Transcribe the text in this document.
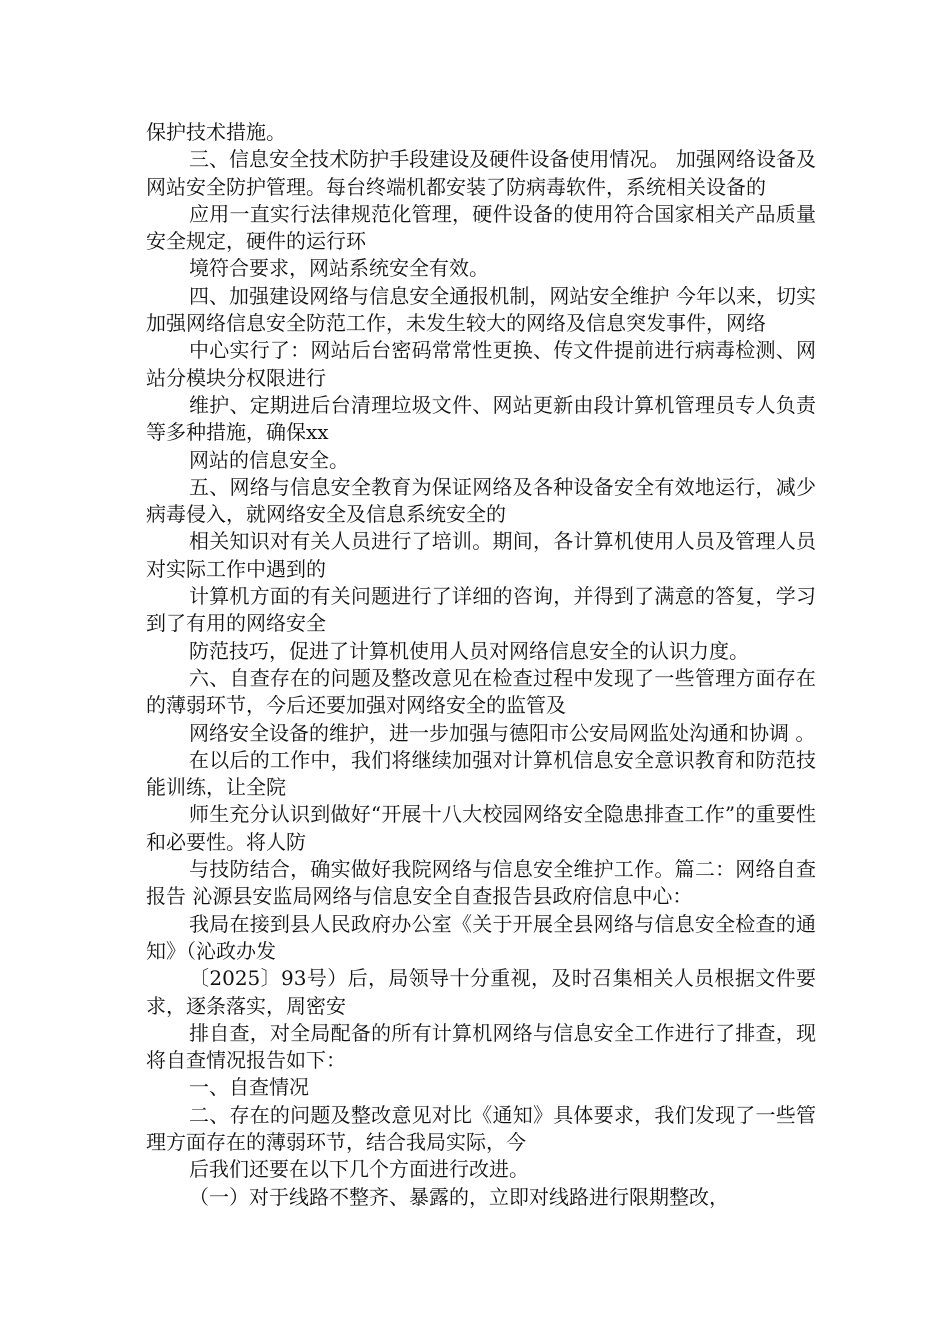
保护技术措施。

三、信息安全技术防护手段建设及硬件设备使用情况。 加强网络设备及网站安全防护管理。每台终端机都安装了防病毒软件，系统相关设备的

应用一直实行法律规范化管理，硬件设备的使用符合国家相关产品质量安全规定，硬件的运行环

境符合要求，网站系统安全有效。

四、加强建设网络与信息安全通报机制，网站安全维护 今年以来，切实加强网络信息安全防范工作，未发生较大的网络及信息突发事件，网络

中心实行了：网站后台密码常常性更换、传文件提前进行病毒检测、网站分模块分权限进行

维护、定期进后台清理垃圾文件、网站更新由段计算机管理员专人负责等多种措施，确保xx

网站的信息安全。

五、网络与信息安全教育为保证网络及各种设备安全有效地运行，减少病毒侵入，就网络安全及信息系统安全的

相关知识对有关人员进行了培训。期间，各计算机使用人员及管理人员对实际工作中遇到的

计算机方面的有关问题进行了详细的咨询，并得到了满意的答复，学习到了有用的网络安全

防范技巧，促进了计算机使用人员对网络信息安全的认识力度。

六、自查存在的问题及整改意见在检查过程中发现了一些管理方面存在的薄弱环节，今后还要加强对网络安全的监管及

网络安全设备的维护，进一步加强与德阳市公安局网监处沟通和协调 。

在以后的工作中，我们将继续加强对计算机信息安全意识教育和防范技能训练，让全院

师生充分认识到做好“开展十八大校园网络安全隐患排查工作”的重要性和必要性。将人防

与技防结合，确实做好我院网络与信息安全维护工作。篇二：网络自查报告 沁源县安监局网络与信息安全自查报告县政府信息中心：

我局在接到县人民政府办公室《关于开展全县网络与信息安全检查的通知》（沁政办发

〔2025〕93号）后，局领导十分重视，及时召集相关人员根据文件要求，逐条落实，周密安

排自查，对全局配备的所有计算机网络与信息安全工作进行了排查，现将自查情况报告如下：

一、自查情况

二、存在的问题及整改意见对比《通知》具体要求，我们发现了一些管理方面存在的薄弱环节，结合我局实际，今

后我们还要在以下几个方面进行改进。

（一）对于线路不整齐、暴露的，立即对线路进行限期整改，
